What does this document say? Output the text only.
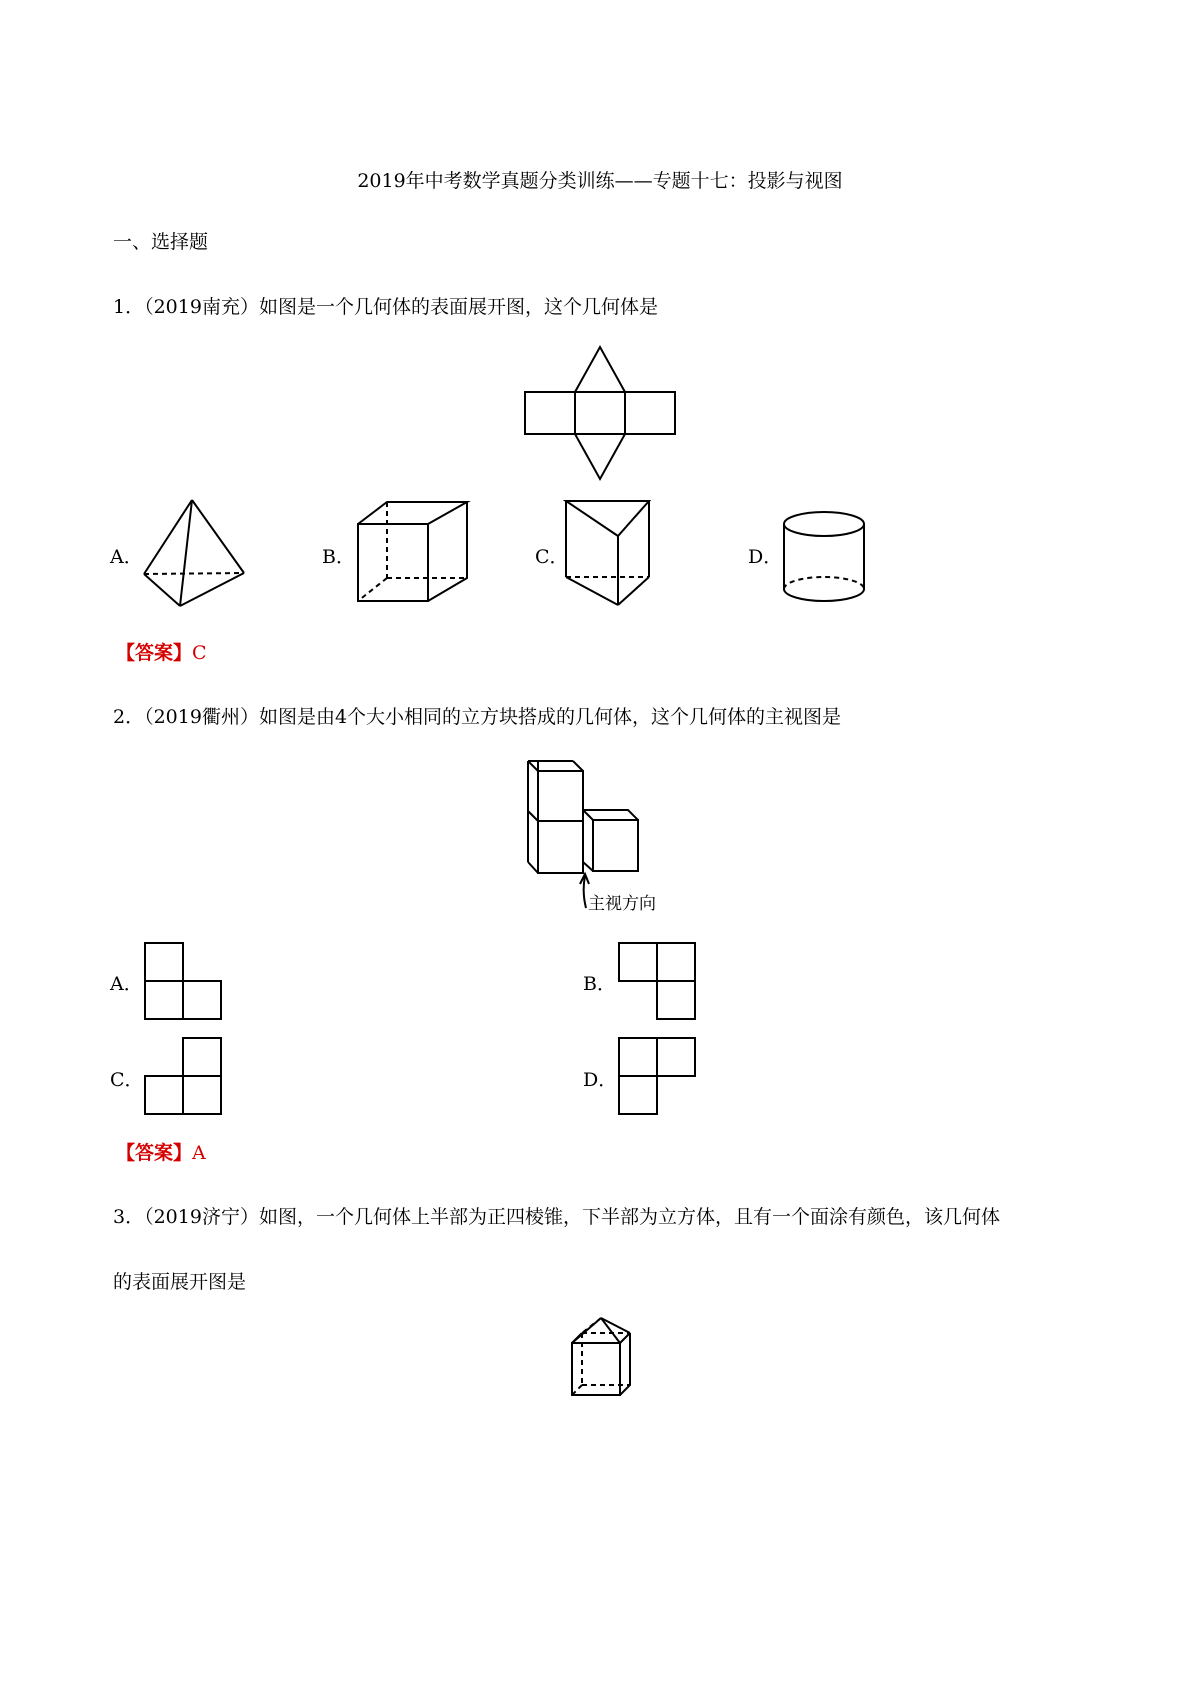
2019年中考数学真题分类训练——专题十七：投影与视图
一、选择题
1．（2019南充）如图是一个几何体的表面展开图，这个几何体是
A．	B．	C．	D．
【答案】C
2．（2019衢州）如图是由4个大小相同的立方块搭成的几何体，这个几何体的主视图是
主视方向
A．	B．
C．	D．
【答案】A
3．（2019济宁）如图，一个几何体上半部为正四棱锥，下半部为立方体，且有一个面涂有颜色，该几何体
的表面展开图是
